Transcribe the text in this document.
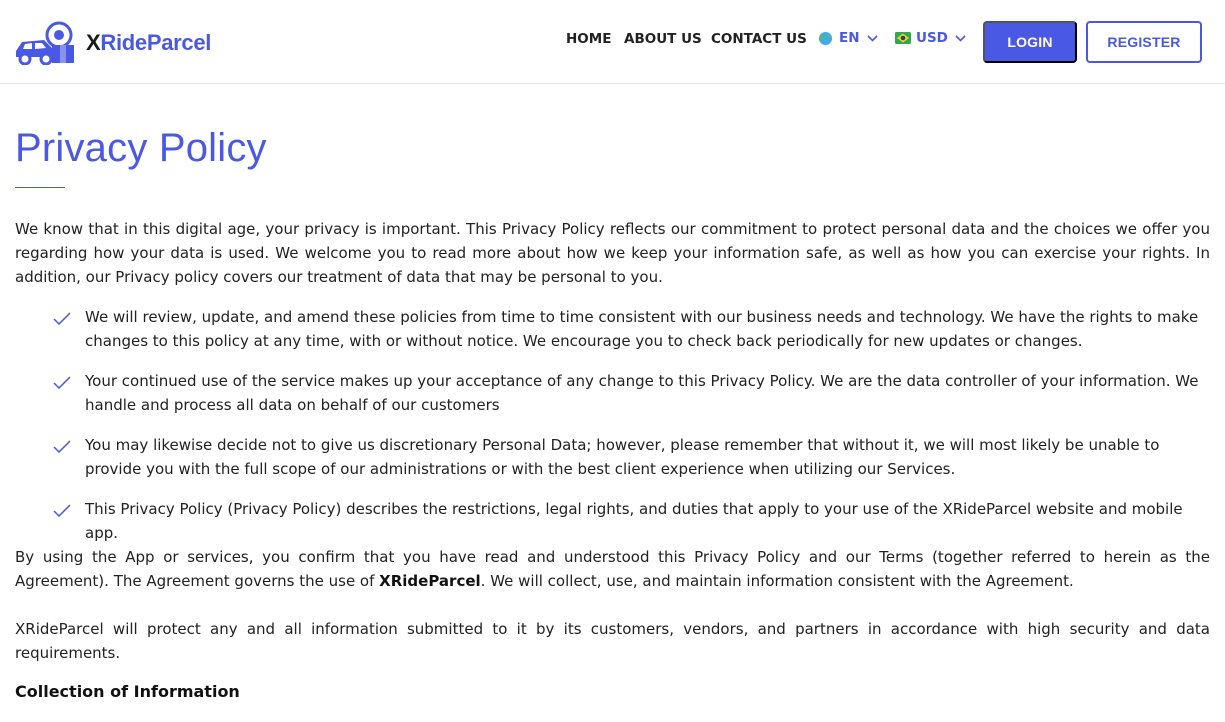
XRideParcel	HOME ABOUT US CONTACT US EN	USD	LOGIN	REGISTER
Privacy Policy

We know that in this digital age, your privacy is important. This Privacy Policy reflects our commitment to protect personal data and the choices we offer you regarding how your data is used. We welcome you to read more about how we keep your information safe, as well as how you can exercise your rights. In addition, our Privacy policy covers our treatment of data that may be personal to you.

We will review, update, and amend these policies from time to time consistent with our business needs and technology. We have the rights to make changes to this policy at any time, with or without notice. We encourage you to check back periodically for new updates or changes.
Your continued use of the service makes up your acceptance of any change to this Privacy Policy. We are the data controller of your information. We handle and process all data on behalf of our customers
You may likewise decide not to give us discretionary Personal Data; however, please remember that without it, we will most likely be unable to provide you with the full scope of our administrations or with the best client experience when utilizing our Services.
This Privacy Policy (Privacy Policy) describes the restrictions, legal rights, and duties that apply to your use of the XRideParcel website and mobile app.

By using the App or services, you confirm that you have read and understood this Privacy Policy and our Terms (together referred to herein as the Agreement). The Agreement governs the use of XRideParcel. We will collect, use, and maintain information consistent with the Agreement.

XRideParcel will protect any and all information submitted to it by its customers, vendors, and partners in accordance with high security and data requirements.

Collection of Information
